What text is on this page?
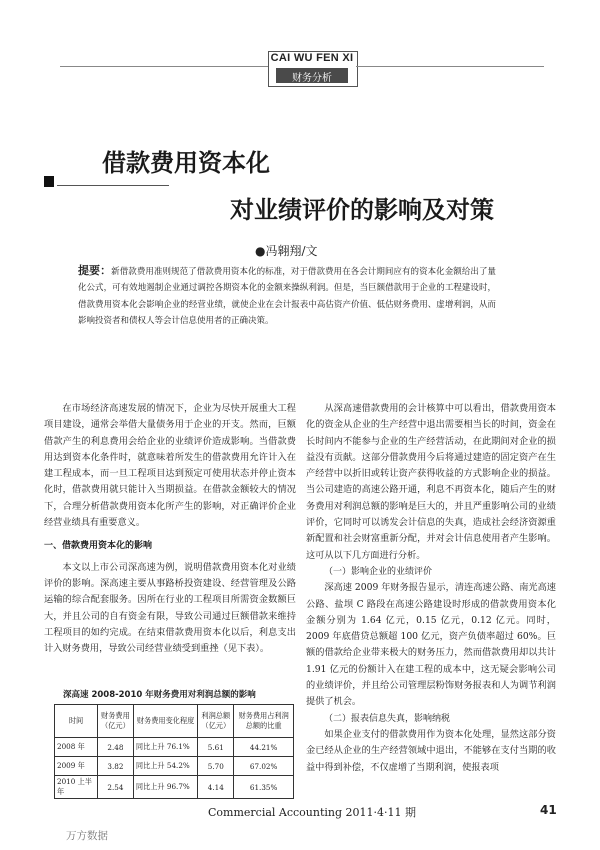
CAI WU FEN XI
财务分析
借款费用资本化
对业绩评价的影响及对策
●冯翱翔/文
提要：新借款费用准则规范了借款费用资本化的标准，对于借款费用在各会计期间应有的资本化金额给出了量化公式，可有效地遏制企业通过调控各期资本化的金额来操纵利润。但是，当巨额借款用于企业的工程建设时，借款费用资本化会影响企业的经营业绩，就使企业在会计报表中高估资产价值、低估财务费用、虚增利润，从而影响投资者和债权人等会计信息使用者的正确决策。
在市场经济高速发展的情况下，企业为尽快开展重大工程项目建设，通常会举借大量债务用于企业的开支。然而，巨额借款产生的利息费用会给企业的业绩评价造成影响。当借款费用达到资本化条件时，就意味着所发生的借款费用允许计入在建工程成本，而一旦工程项目达到预定可使用状态并停止资本化时，借款费用就只能计入当期损益。在借款金额较大的情况下，合理分析借款费用资本化所产生的影响，对正确评价企业经营业绩具有重要意义。
一、借款费用资本化的影响
本文以上市公司深高速为例，说明借款费用资本化对业绩评价的影响。深高速主要从事路桥投资建设、经营管理及公路运输的综合配套服务。因所在行业的工程项目所需资金数额巨大，并且公司的自有资金有限，导致公司通过巨额借款来维持工程项目的如约完成。在结束借款费用资本化以后，利息支出计入财务费用，导致公司经营业绩受到重挫（见下表）。
深高速 2008-2010 年财务费用对利润总额的影响
时间	财务费用（亿元）	财务费用变化程度	利润总额（亿元）	财务费用占利润总额的比重
2008 年	2.48	同比上升 76.1%	5.61	44.21%
2009 年	3.82	同比上升 54.2%	5.70	67.02%
2010 上半年	2.54	同比上升 96.7%	4.14	61.35%
从深高速借款费用的会计核算中可以看出，借款费用资本化的资金从企业的生产经营中退出需要相当长的时间，资金在长时间内不能参与企业的生产经营活动，在此期间对企业的损益没有贡献。这部分借款费用今后将通过建造的固定资产在生产经营中以折旧或转让资产获得收益的方式影响企业的损益。当公司建造的高速公路开通，利息不再资本化，随后产生的财务费用对利润总额的影响是巨大的，并且严重影响公司的业绩评价，它同时可以诱发会计信息的失真，造成社会经济资源重新配置和社会财富重新分配，并对会计信息使用者产生影响。这可从以下几方面进行分析。
（一）影响企业的业绩评价
深高速 2009 年财务报告显示，清连高速公路、南光高速公路、盐坝 C 路段在高速公路建设时形成的借款费用资本化金额分别为 1.64 亿元，0.15 亿元，0.12 亿元。同时，2009 年底借贷总额超 100 亿元，资产负债率超过 60%。巨额的借款给企业带来极大的财务压力，然而借款费用却以共计 1.91 亿元的份额计入在建工程的成本中，这无疑会影响公司的业绩评价，并且给公司管理层粉饰财务报表和人为调节利润提供了机会。
（二）报表信息失真，影响纳税
如果企业支付的借款费用作为资本化处理，显然这部分资金已经从企业的生产经营领域中退出，不能够在支付当期的收益中得到补偿，不仅虚增了当期利润，使报表项
Commercial Accounting 2011·4·11 期	41
万方数据
